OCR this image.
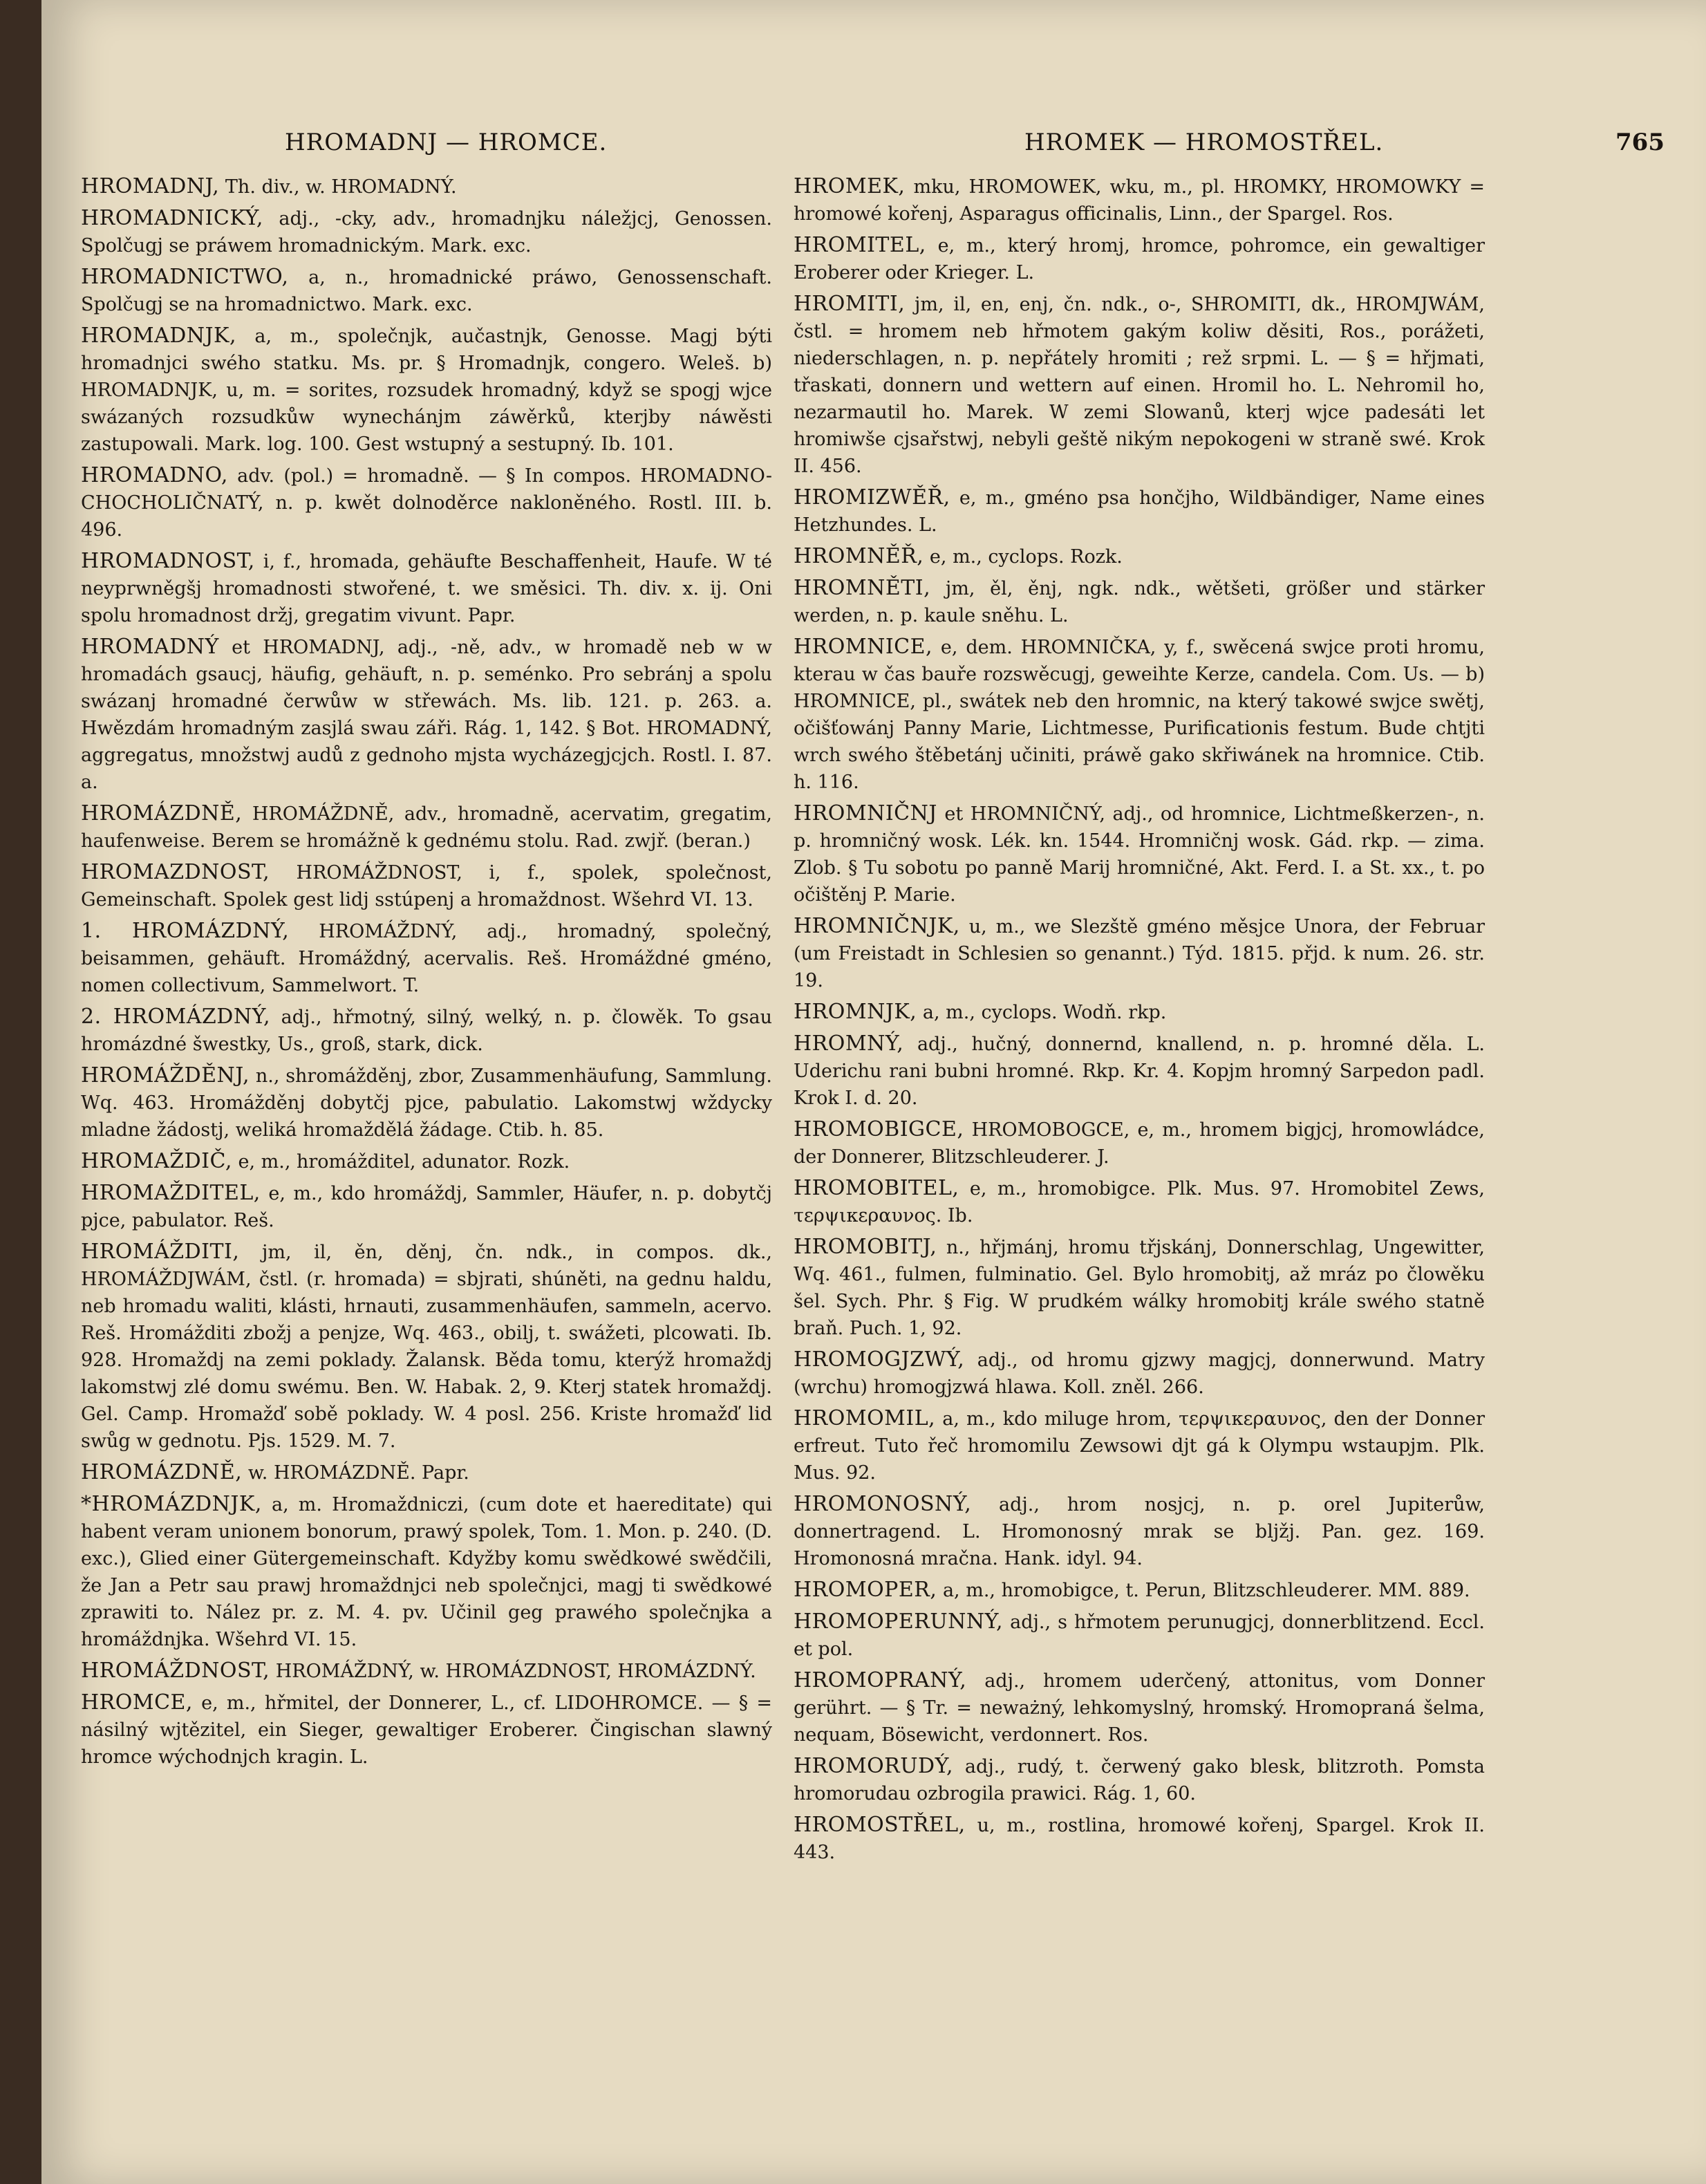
HROMADNJ — HROMCE.	HROMEK — HROMOSTŘEL.	765

HROMADNJ, Th. div., w. HROMADNÝ.

HROMADNICKÝ, adj., -cky, adv., hromadnjku náležjcj, Genossen. Spolčugj se práwem hromadnickým. Mark. exc.

HROMADNICTWO, a, n., hromadnické práwo, Genossenschaft. Spolčugj se na hromadnictwo. Mark. exc.

HROMADNJK, a, m., společnjk, aučastnjk, Genosse. Magj býti hromadnjci swého statku. Ms. pr. § Hromadnjk, congero. Weleš. b) HROMADNJK, u, m. = sorites, rozsudek hromadný, když se spogj wjce swázaných rozsudkůw wynechánjm záwěrků, kterjby náwěsti zastupowali. Mark. log. 100. Gest wstupný a sestupný. Ib. 101.

HROMADNO, adv. (pol.) = hromadně. — § In compos. HROMADNO-CHOCHOLIČNATÝ, n. p. kwět dolnoděrce nakloněného. Rostl. III. b. 496.

HROMADNOST, i, f., hromada, gehäufte Beschaffenheit, Haufe. W té neyprwněgšj hromadnosti stwořené, t. we směsici. Th. div. x. ij. Oni spolu hromadnost držj, gregatim vivunt. Papr.

HROMADNÝ et HROMADNJ, adj., -ně, adv., w hromadě neb w w hromadách gsaucj, häufig, gehäuft, n. p. seménko. Pro sebránj a spolu swázanj hromadné čerwůw w střewách. Ms. lib. 121. p. 263. a. Hwězdám hromadným zasjlá swau záři. Rág. 1, 142. § Bot. HROMADNÝ, aggregatus, množstwj audů z gednoho mjsta wycházegjcjch. Rostl. I. 87. a.

HROMÁZDNĚ, HROMÁŽDNĚ, adv., hromadně, acervatim, gregatim, haufenweise. Berem se hromážně k gednému stolu. Rad. zwjř. (beran.)

HROMAZDNOST, HROMÁŽDNOST, i, f., spolek, společnost, Gemeinschaft. Spolek gest lidj sstúpenj a hromaždnost. Wšehrd VI. 13.

1. HROMÁZDNÝ, HROMÁŽDNÝ, adj., hromadný, společný, beisammen, gehäuft. Hromáždný, acervalis. Reš. Hromáždné gméno, nomen collectivum, Sammelwort. T.

2. HROMÁZDNÝ, adj., hřmotný, silný, welký, n. p. člowěk. To gsau hromázdné šwestky, Us., groß, stark, dick.

HROMÁŽDĚNJ, n., shromážděnj, zbor, Zusammenhäufung, Sammlung. Wq. 463. Hromážděnj dobytčj pjce, pabulatio. Lakomstwj wždycky mladne žádostj, weliká hromaždělá žádage. Ctib. h. 85.

HROMAŽDIČ, e, m., hromážditel, adunator. Rozk.

HROMAŽDITEL, e, m., kdo hromáždj, Sammler, Häufer, n. p. dobytčj pjce, pabulator. Reš.

HROMÁŽDITI, jm, il, ěn, děnj, čn. ndk., in compos. dk., HROMÁŽDJWÁM, čstl. (r. hromada) = sbjrati, shúněti, na gednu haldu, neb hromadu waliti, klásti, hrnauti, zusammenhäufen, sammeln, acervo. Reš. Hromážditi zbožj a penjze, Wq. 463., obilj, t. swážeti, plcowati. Ib. 928. Hromaždj na zemi poklady. Žalansk. Běda tomu, kterýž hromaždj lakomstwj zlé domu swému. Ben. W. Habak. 2, 9. Kterj statek hromaždj. Gel. Camp. Hromažď sobě poklady. W. 4 posl. 256. Kriste hromažď lid swůg w gednotu. Pjs. 1529. M. 7.

HROMÁZDNĚ, w. HROMÁZDNĚ. Papr.

*HROMÁZDNJK, a, m. Hromaždniczi, (cum dote et haereditate) qui habent veram unionem bonorum, prawý spolek, Tom. 1. Mon. p. 240. (D. exc.), Glied einer Gütergemeinschaft. Kdyžby komu swědkowé swědčili, že Jan a Petr sau prawj hromaždnjci neb společnjci, magj ti swědkowé zprawiti to. Nález pr. z. M. 4. pv. Učinil geg prawého společnjka a hromáždnjka. Wšehrd VI. 15.

HROMÁŽDNOST, HROMÁŽDNÝ, w. HROMÁZDNOST, HROMÁZDNÝ.

HROMCE, e, m., hřmitel, der Donnerer, L., cf. LIDOHROMCE. — § = násilný wjtězitel, ein Sieger, gewaltiger Eroberer. Čingischan slawný hromce wýchodnjch kragin. L.

HROMEK, mku, HROMOWEK, wku, m., pl. HROMKY, HROMOWKY = hromowé kořenj, Asparagus officinalis, Linn., der Spargel. Ros.

HROMITEL, e, m., který hromj, hromce, pohromce, ein gewaltiger Eroberer oder Krieger. L.

HROMITI, jm, il, en, enj, čn. ndk., o-, SHROMITI, dk., HROMJWÁM, čstl. = hromem neb hřmotem gakým koliw děsiti, Ros., porážeti, niederschlagen, n. p. nepřátely hromiti ; rež srpmi. L. — § = hřjmati, třaskati, donnern und wettern auf einen. Hromil ho. L. Nehromil ho, nezarmautil ho. Marek. W zemi Slowanů, kterj wjce padesáti let hromiwše cjsařstwj, nebyli geště nikým nepokogeni w straně swé. Krok II. 456.

HROMIZWĚŘ, e, m., gméno psa hončjho, Wildbändiger, Name eines Hetzhundes. L.

HROMNĚŘ, e, m., cyclops. Rozk.

HROMNĚTI, jm, ěl, ěnj, ngk. ndk., wětšeti, größer und stärker werden, n. p. kaule sněhu. L.

HROMNICE, e, dem. HROMNIČKA, y, f., swěcená swjce proti hromu, kterau w čas bauře rozswěcugj, geweihte Kerze, candela. Com. Us. — b) HROMNICE, pl., swátek neb den hromnic, na který takowé swjce swětj, očišťowánj Panny Marie, Lichtmesse, Purificationis festum. Bude chtjti wrch swého štěbetánj učiniti, práwě gako skřiwánek na hromnice. Ctib. h. 116.

HROMNIČNJ et HROMNIČNÝ, adj., od hromnice, Lichtmeßkerzen-, n. p. hromničný wosk. Lék. kn. 1544. Hromničnj wosk. Gád. rkp. — zima. Zlob. § Tu sobotu po panně Marij hromničné, Akt. Ferd. I. a St. xx., t. po očištěnj P. Marie.

HROMNIČNJK, u, m., we Slezště gméno měsjce Unora, der Februar (um Freistadt in Schlesien so genannt.) Týd. 1815. přjd. k num. 26. str. 19.

HROMNJK, a, m., cyclops. Wodň. rkp.

HROMNÝ, adj., hučný, donnernd, knallend, n. p. hromné děla. L. Uderichu rani bubni hromné. Rkp. Kr. 4. Kopjm hromný Sarpedon padl. Krok I. d. 20.

HROMOBIGCE, HROMOBOGCE, e, m., hromem bigjcj, hromowládce, der Donnerer, Blitzschleuderer. J.

HROMOBITEL, e, m., hromobigce. Plk. Mus. 97. Hromobitel Zews, τερψικεραυνος. Ib.

HROMOBITJ, n., hřjmánj, hromu třjskánj, Donnerschlag, Ungewitter, Wq. 461., fulmen, fulminatio. Gel. Bylo hromobitj, až mráz po člowěku šel. Sych. Phr. § Fig. W prudkém wálky hromobitj krále swého statně braň. Puch. 1, 92.

HROMOGJZWÝ, adj., od hromu gjzwy magjcj, donnerwund. Matry (wrchu) hromogjzwá hlawa. Koll. zněl. 266.

HROMOMIL, a, m., kdo miluge hrom, τερψικεραυνος, den der Donner erfreut. Tuto řeč hromomilu Zewsowi djt gá k Olympu wstaupjm. Plk. Mus. 92.

HROMONOSNÝ, adj., hrom nosjcj, n. p. orel Jupiterůw, donnertragend. L. Hromonosný mrak se bljžj. Pan. gez. 169. Hromonosná mračna. Hank. idyl. 94.

HROMOPER, a, m., hromobigce, t. Perun, Blitzschleuderer. MM. 889.

HROMOPERUNNÝ, adj., s hřmotem perunugjcj, donnerblitzend. Eccl. et pol.

HROMOPRANÝ, adj., hromem uderčený, attonitus, vom Donner gerührt. — § Tr. = neważný, lehkomyslný, hromský. Hromopraná šelma, nequam, Bösewicht, verdonnert. Ros.

HROMORUDÝ, adj., rudý, t. čerwený gako blesk, blitzroth. Pomsta hromorudau ozbrogila prawici. Rág. 1, 60.

HROMOSTŘEL, u, m., rostlina, hromowé kořenj, Spargel. Krok II. 443.
